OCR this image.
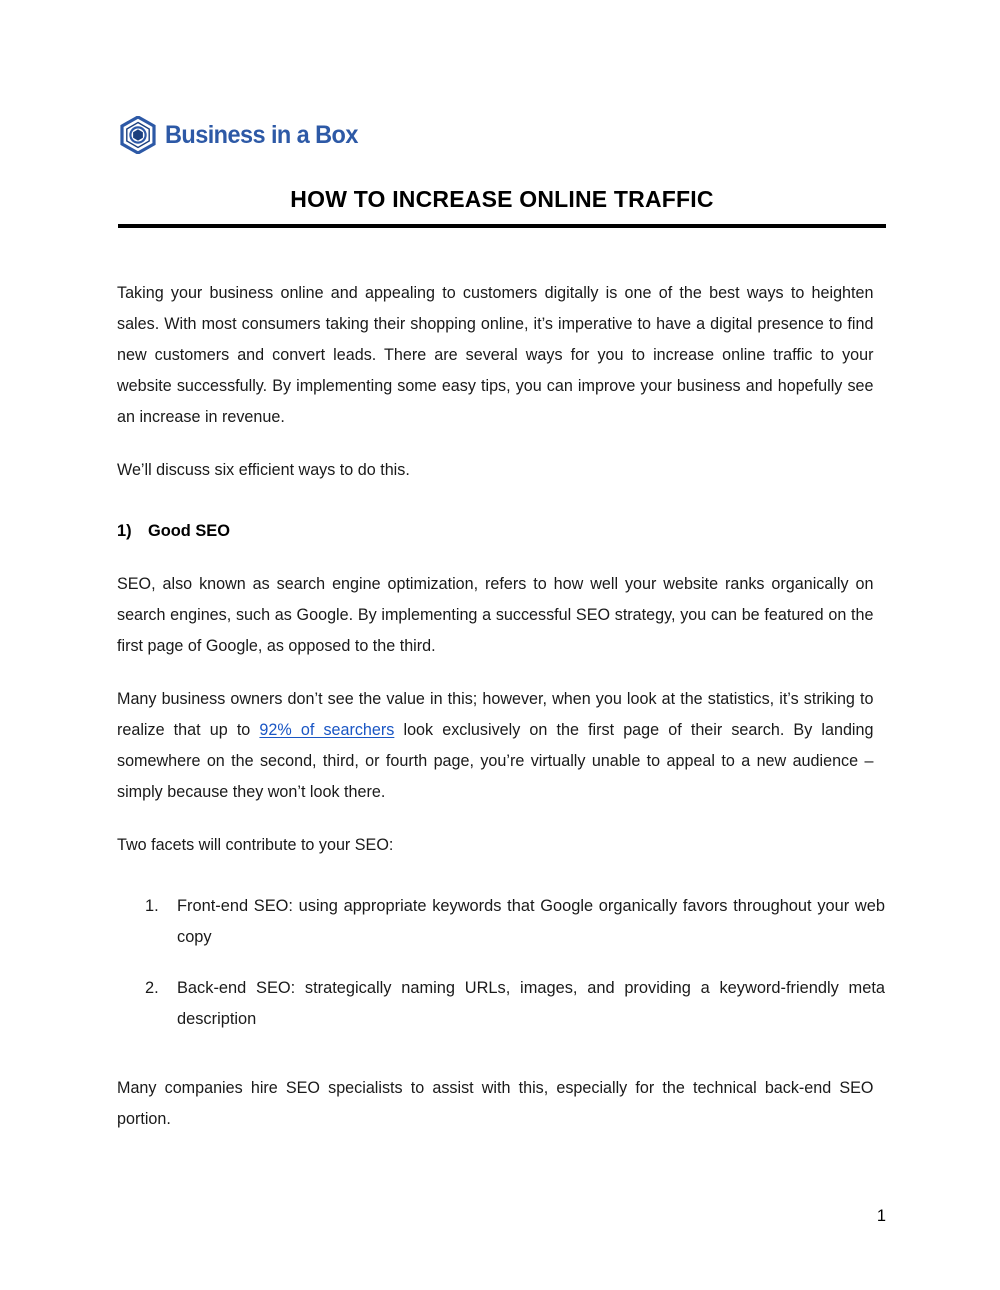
Business in a Box
HOW TO INCREASE ONLINE TRAFFIC

Taking your business online and appealing to customers digitally is one of the best ways to heighten sales. With most consumers taking their shopping online, it’s imperative to have a digital presence to find new customers and convert leads. There are several ways for you to increase online traffic to your website successfully. By implementing some easy tips, you can improve your business and hopefully see an increase in revenue.

We’ll discuss six efficient ways to do this.

1)	Good SEO

SEO, also known as search engine optimization, refers to how well your website ranks organically on search engines, such as Google. By implementing a successful SEO strategy, you can be featured on the first page of Google, as opposed to the third.

Many business owners don’t see the value in this; however, when you look at the statistics, it’s striking to realize that up to 92% of searchers look exclusively on the first page of their search. By landing somewhere on the second, third, or fourth page, you’re virtually unable to appeal to a new audience – simply because they won’t look there.

Two facets will contribute to your SEO:

1.	Front-end SEO: using appropriate keywords that Google organically favors throughout your web copy
2.	Back-end SEO: strategically naming URLs, images, and providing a keyword-friendly meta description

Many companies hire SEO specialists to assist with this, especially for the technical back-end SEO portion.

1
